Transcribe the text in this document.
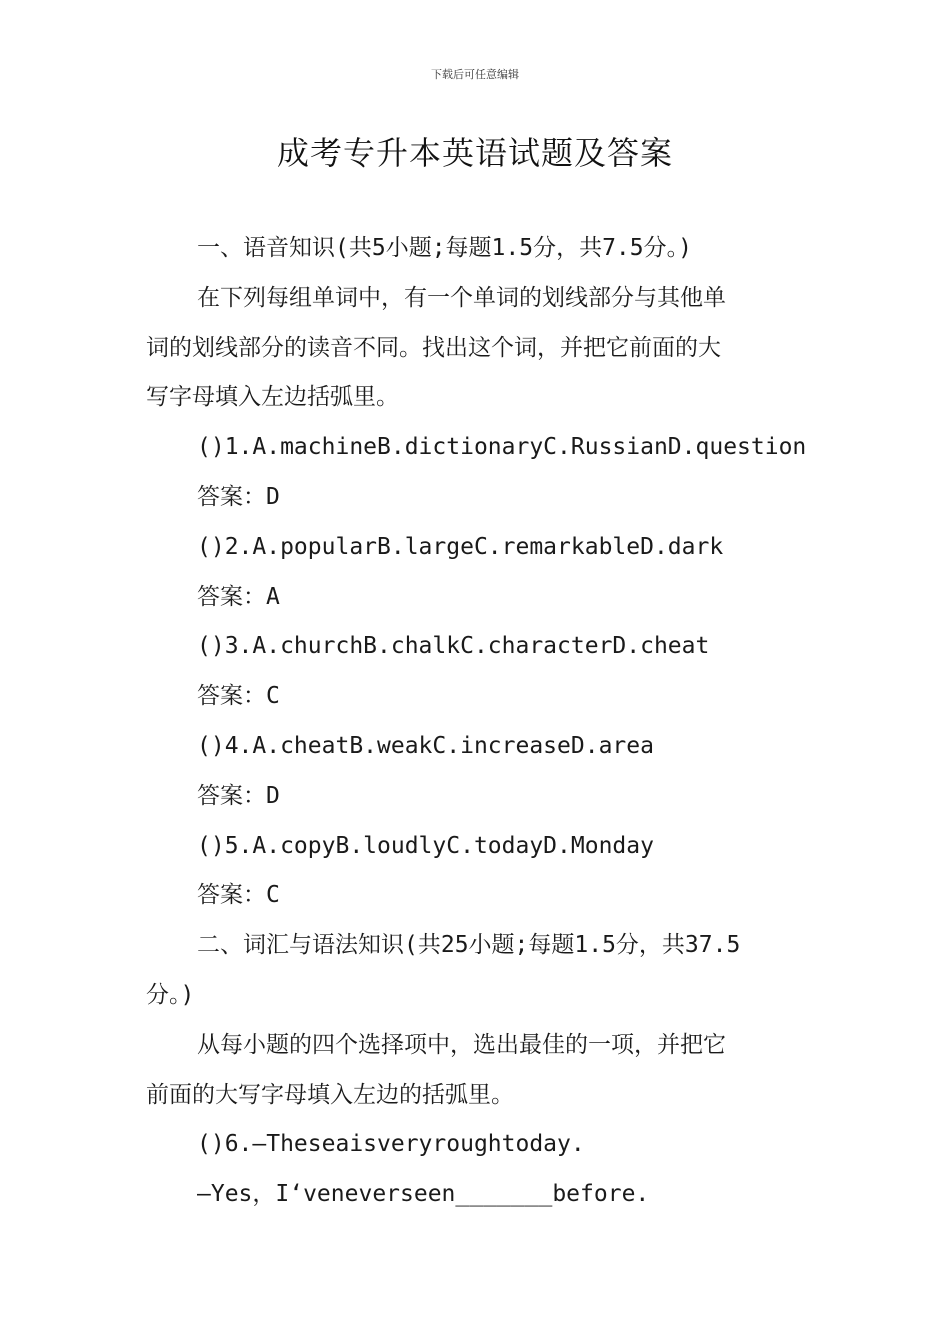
下载后可任意编辑
成考专升本英语试题及答案
一、语音知识(共5小题;每题1.5分，共7.5分。)
在下列每组单词中，有一个单词的划线部分与其他单
词的划线部分的读音不同。找出这个词，并把它前面的大
写字母填入左边括弧里。
()1.A.machineB.dictionaryC.RussianD.question
答案：D
()2.A.popularB.largeC.remarkableD.dark
答案：A
()3.A.churchB.chalkC.characterD.cheat
答案：C
()4.A.cheatB.weakC.increaseD.area
答案：D
()5.A.copyB.loudlyC.todayD.Monday
答案：C
二、词汇与语法知识(共25小题;每题1.5分，共37.5
分。)
从每小题的四个选择项中，选出最佳的一项，并把它
前面的大写字母填入左边的括弧里。
()6.—Theseaisveryroughtoday.
—Yes，I‘veneverseen_______before.
